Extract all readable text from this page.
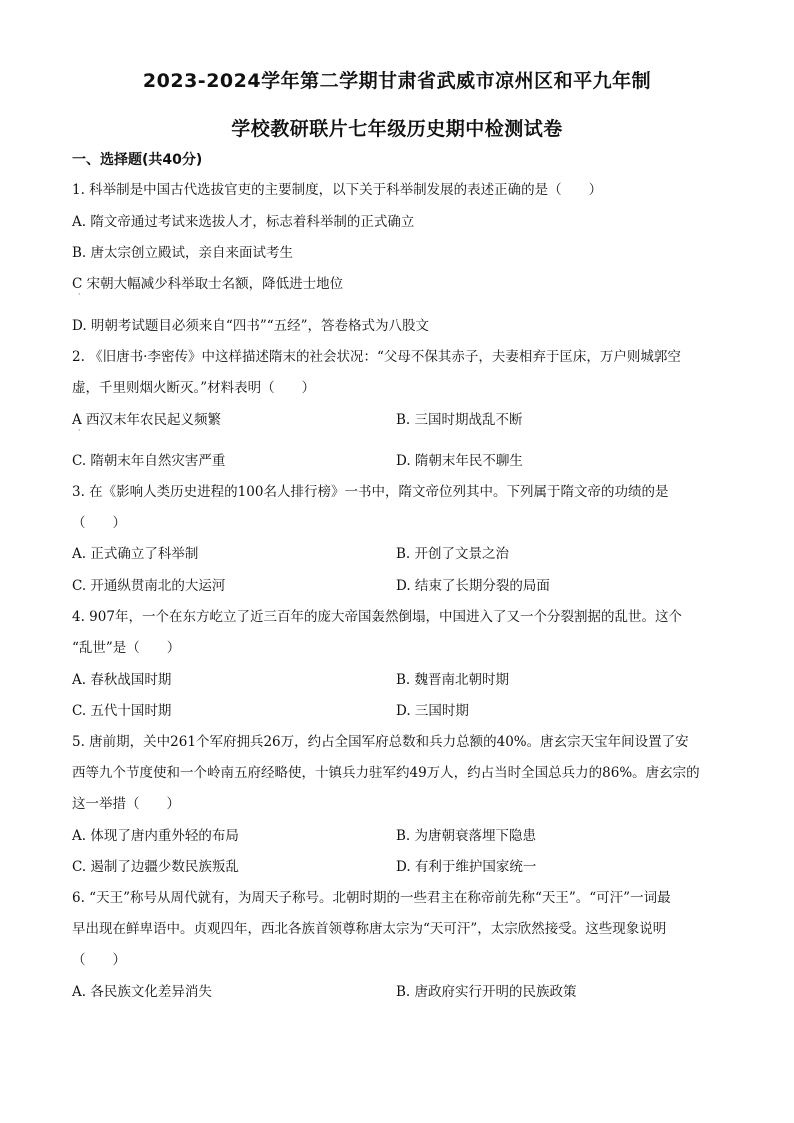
2023-2024学年第二学期甘肃省武威市凉州区和平九年制
学校教研联片七年级历史期中检测试卷
一、选择题(共40分)
1. 科举制是中国古代选拔官吏的主要制度，以下关于科举制发展的表述正确的是（　　）
A. 隋文帝通过考试来选拔人才，标志着科举制的正式确立
B. 唐太宗创立殿试，亲自来面试考生
C 宋朝大幅减少科举取士名额，降低进士地位
·
D. 明朝考试题目必须来自“四书”“五经”，答卷格式为八股文
2. 《旧唐书·李密传》中这样描述隋末的社会状况：“父母不保其赤子，夫妻相弃于匡床，万户则城郭空
虚，千里则烟火断灭。”材料表明（　　）
A 西汉末年农民起义频繁
·
B. 三国时期战乱不断
C. 隋朝末年自然灾害严重	D. 隋朝末年民不聊生
3. 在《影响人类历史进程的100名人排行榜》一书中，隋文帝位列其中。下列属于隋文帝的功绩的是
（　　）
A. 正式确立了科举制	B. 开创了文景之治
C. 开通纵贯南北的大运河	D. 结束了长期分裂的局面
4. 907年，一个在东方屹立了近三百年的庞大帝国轰然倒塌，中国进入了又一个分裂割据的乱世。这个
“乱世”是（　　）
A. 春秋战国时期	B. 魏晋南北朝时期
C. 五代十国时期	D. 三国时期
5. 唐前期，关中261个军府拥兵26万，约占全国军府总数和兵力总额的40%。唐玄宗天宝年间设置了安
西等九个节度使和一个岭南五府经略使，十镇兵力驻军约49万人，约占当时全国总兵力的86%。唐玄宗的
这一举措（　　）
A. 体现了唐内重外轻的布局	B. 为唐朝衰落埋下隐患
C. 遏制了边疆少数民族叛乱	D. 有利于维护国家统一
6. “天王”称号从周代就有，为周天子称号。北朝时期的一些君主在称帝前先称“天王”。“可汗”一词最
早出现在鲜卑语中。贞观四年，西北各族首领尊称唐太宗为“天可汗”，太宗欣然接受。这些现象说明
（　　）
A. 各民族文化差异消失	B. 唐政府实行开明的民族政策
